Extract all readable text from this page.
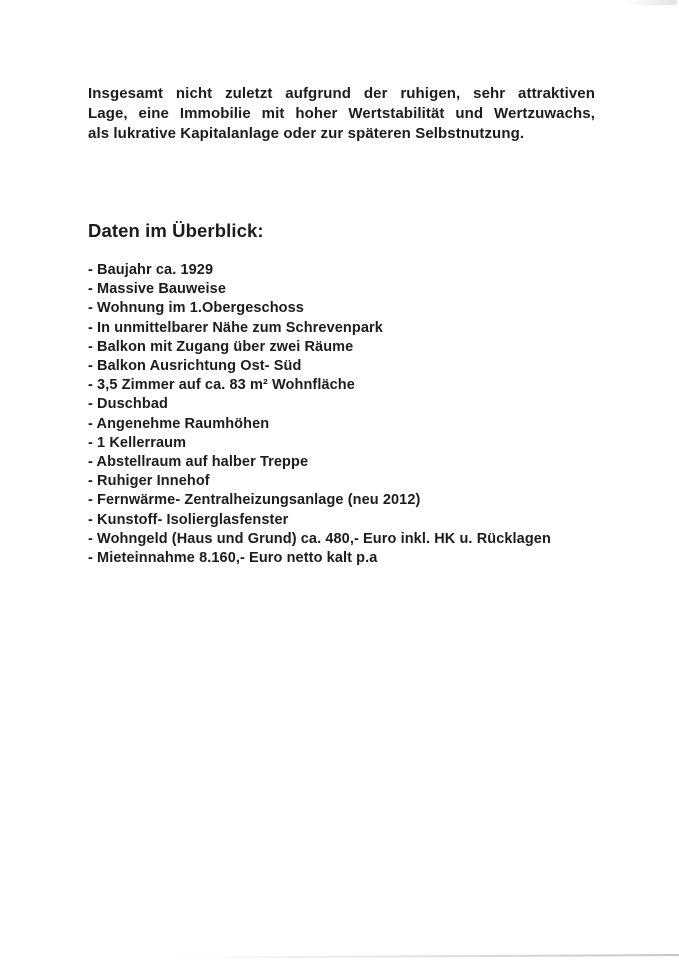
Insgesamt nicht zuletzt aufgrund der ruhigen, sehr attraktiven
Lage, eine Immobilie mit hoher Wertstabilität und Wertzuwachs,
als lukrative Kapitalanlage oder zur späteren Selbstnutzung.
Daten im Überblick:
- Baujahr ca. 1929
- Massive Bauweise
- Wohnung im 1.Obergeschoss
- In unmittelbarer Nähe zum Schrevenpark
- Balkon mit Zugang über zwei Räume
- Balkon Ausrichtung Ost- Süd
- 3,5 Zimmer auf ca. 83 m² Wohnfläche
- Duschbad
- Angenehme Raumhöhen
- 1 Kellerraum
- Abstellraum auf halber Treppe
- Ruhiger Innehof
- Fernwärme- Zentralheizungsanlage (neu 2012)
- Kunstoff- Isolierglasfenster
- Wohngeld (Haus und Grund) ca. 480,- Euro inkl. HK u. Rücklagen
- Mieteinnahme 8.160,- Euro netto kalt p.a
